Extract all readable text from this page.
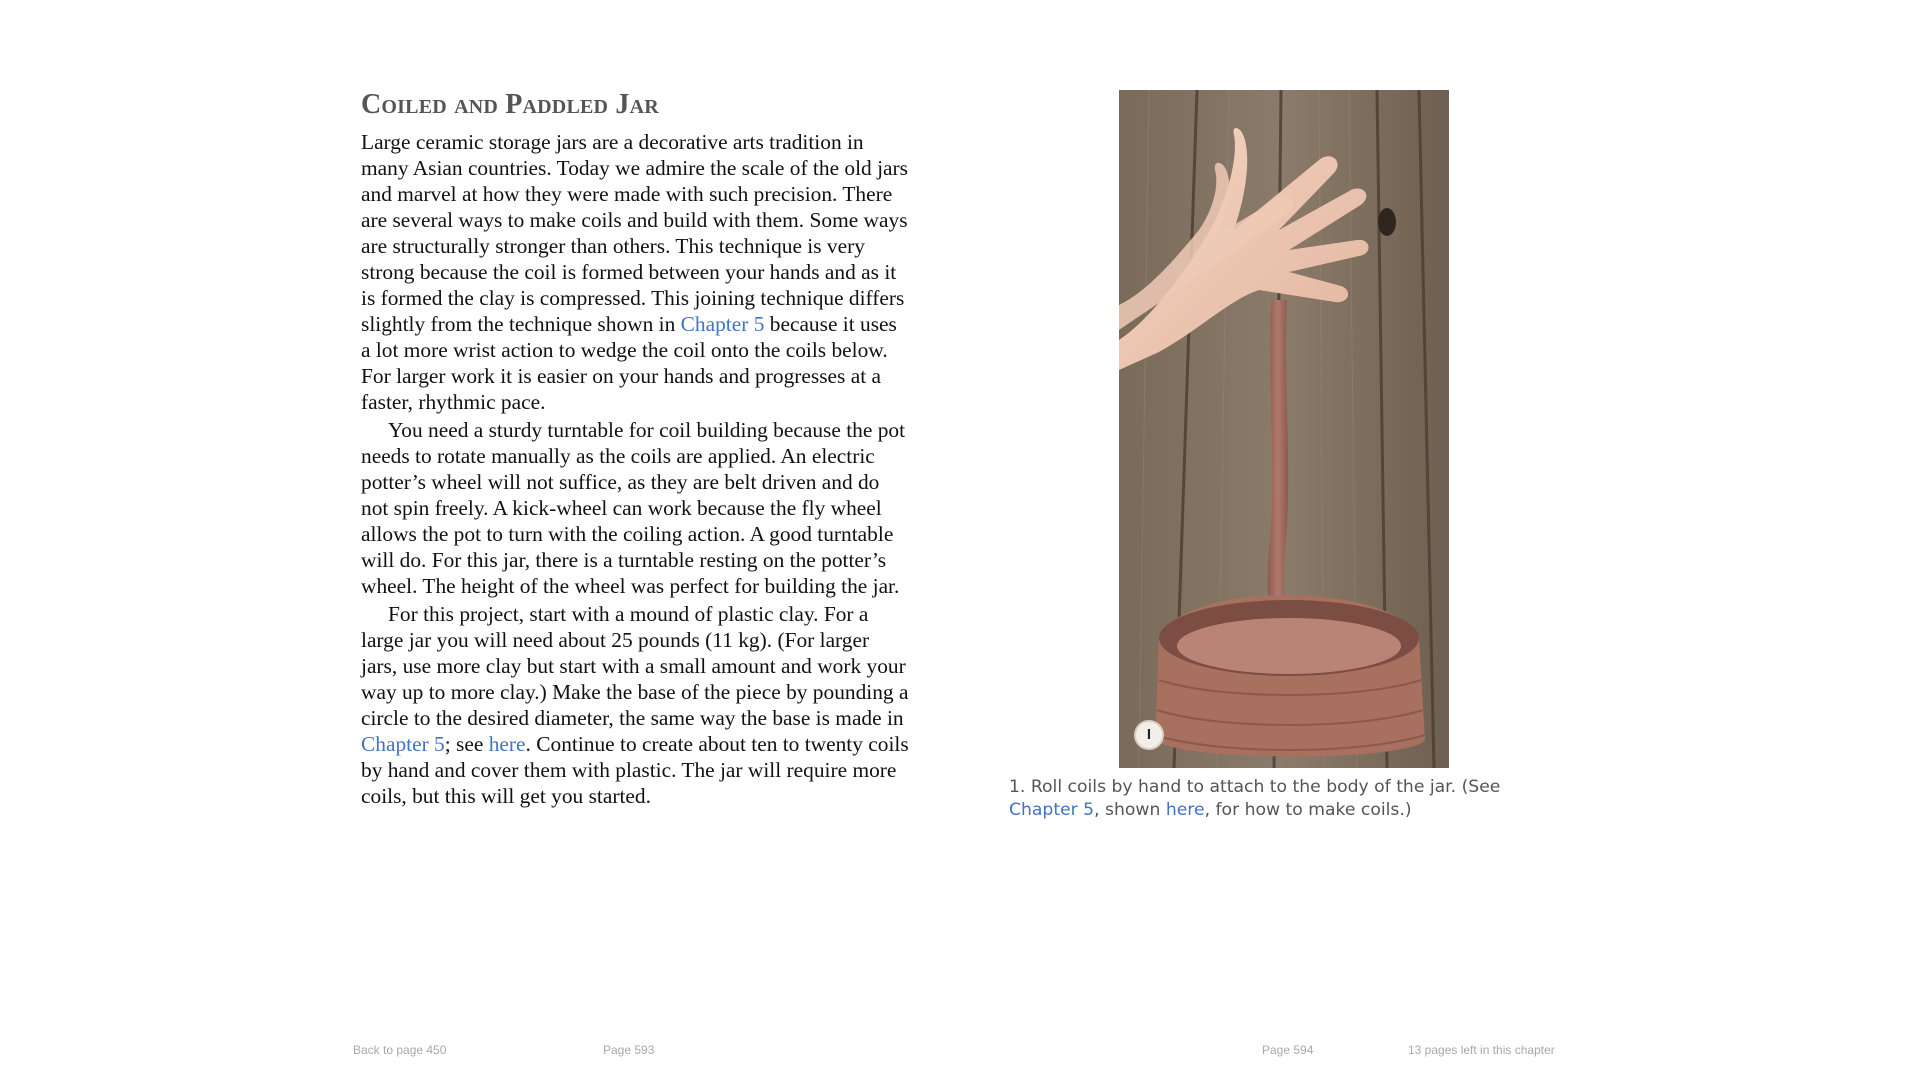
Coiled and Paddled Jar

Large ceramic storage jars are a decorative arts tradition in many Asian countries. Today we admire the scale of the old jars and marvel at how they were made with such precision. There are several ways to make coils and build with them. Some ways are structurally stronger than others. This technique is very strong because the coil is formed between your hands and as it is formed the clay is compressed. This joining technique differs slightly from the technique shown in Chapter 5 because it uses a lot more wrist action to wedge the coil onto the coils below. For larger work it is easier on your hands and progresses at a faster, rhythmic pace.

You need a sturdy turntable for coil building because the pot needs to rotate manually as the coils are applied. An electric potter’s wheel will not suffice, as they are belt driven and do not spin freely. A kick-wheel can work because the fly wheel allows the pot to turn with the coiling action. A good turntable will do. For this jar, there is a turntable resting on the potter’s wheel. The height of the wheel was perfect for building the jar.

For this project, start with a mound of plastic clay. For a large jar you will need about 25 pounds (11 kg). (For larger jars, use more clay but start with a small amount and work your way up to more clay.) Make the base of the piece by pounding a circle to the desired diameter, the same way the base is made in Chapter 5; see here. Continue to create about ten to twenty coils by hand and cover them with plastic. The jar will require more coils, but this will get you started.

I
1. Roll coils by hand to attach to the body of the jar. (See Chapter 5, shown here, for how to make coils.)
Back to page 450	Page 593	Page 594	13 pages left in this chapter
